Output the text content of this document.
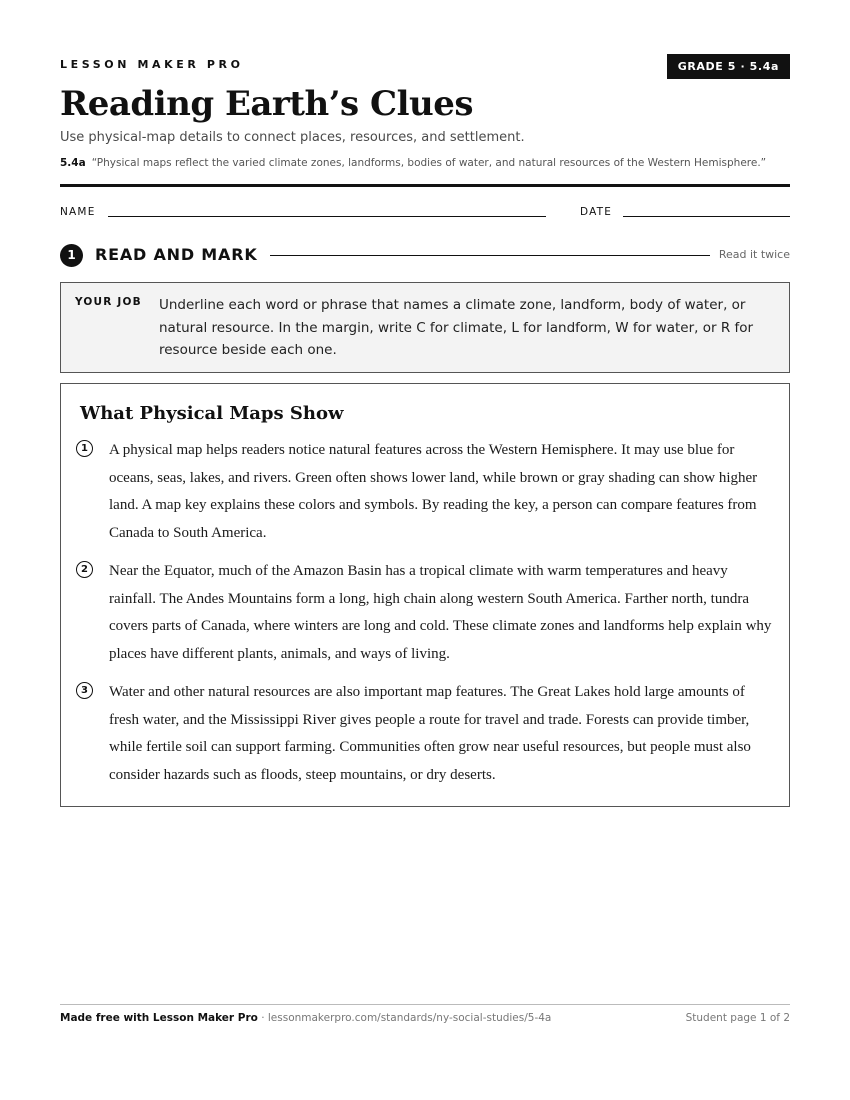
LESSON MAKER PRO	GRADE 5 · 5.4a
Reading Earth’s Clues
Use physical-map details to connect places, resources, and settlement.
5.4a “Physical maps reflect the varied climate zones, landforms, bodies of water, and natural resources of the Western Hemisphere.”
NAME	DATE
1	READ AND MARK	Read it twice
YOUR JOB Underline each word or phrase that names a climate zone, landform, body of water, or natural resource. In the margin, write C for climate, L for landform, W for water, or R for resource beside each one.
What Physical Maps Show
1	A physical map helps readers notice natural features across the Western Hemisphere. It may use blue for oceans, seas, lakes, and rivers. Green often shows lower land, while brown or gray shading can show higher land. A map key explains these colors and symbols. By reading the key, a person can compare features from Canada to South America.
2	Near the Equator, much of the Amazon Basin has a tropical climate with warm temperatures and heavy rainfall. The Andes Mountains form a long, high chain along western South America. Farther north, tundra covers parts of Canada, where winters are long and cold. These climate zones and landforms help explain why places have different plants, animals, and ways of living.
3	Water and other natural resources are also important map features. The Great Lakes hold large amounts of fresh water, and the Mississippi River gives people a route for travel and trade. Forests can provide timber, while fertile soil can support farming. Communities often grow near useful resources, but people must also consider hazards such as floods, steep mountains, or dry deserts.
Made free with Lesson Maker Pro · lessonmakerpro.com/standards/ny-social-studies/5-4a	Student page 1 of 2
